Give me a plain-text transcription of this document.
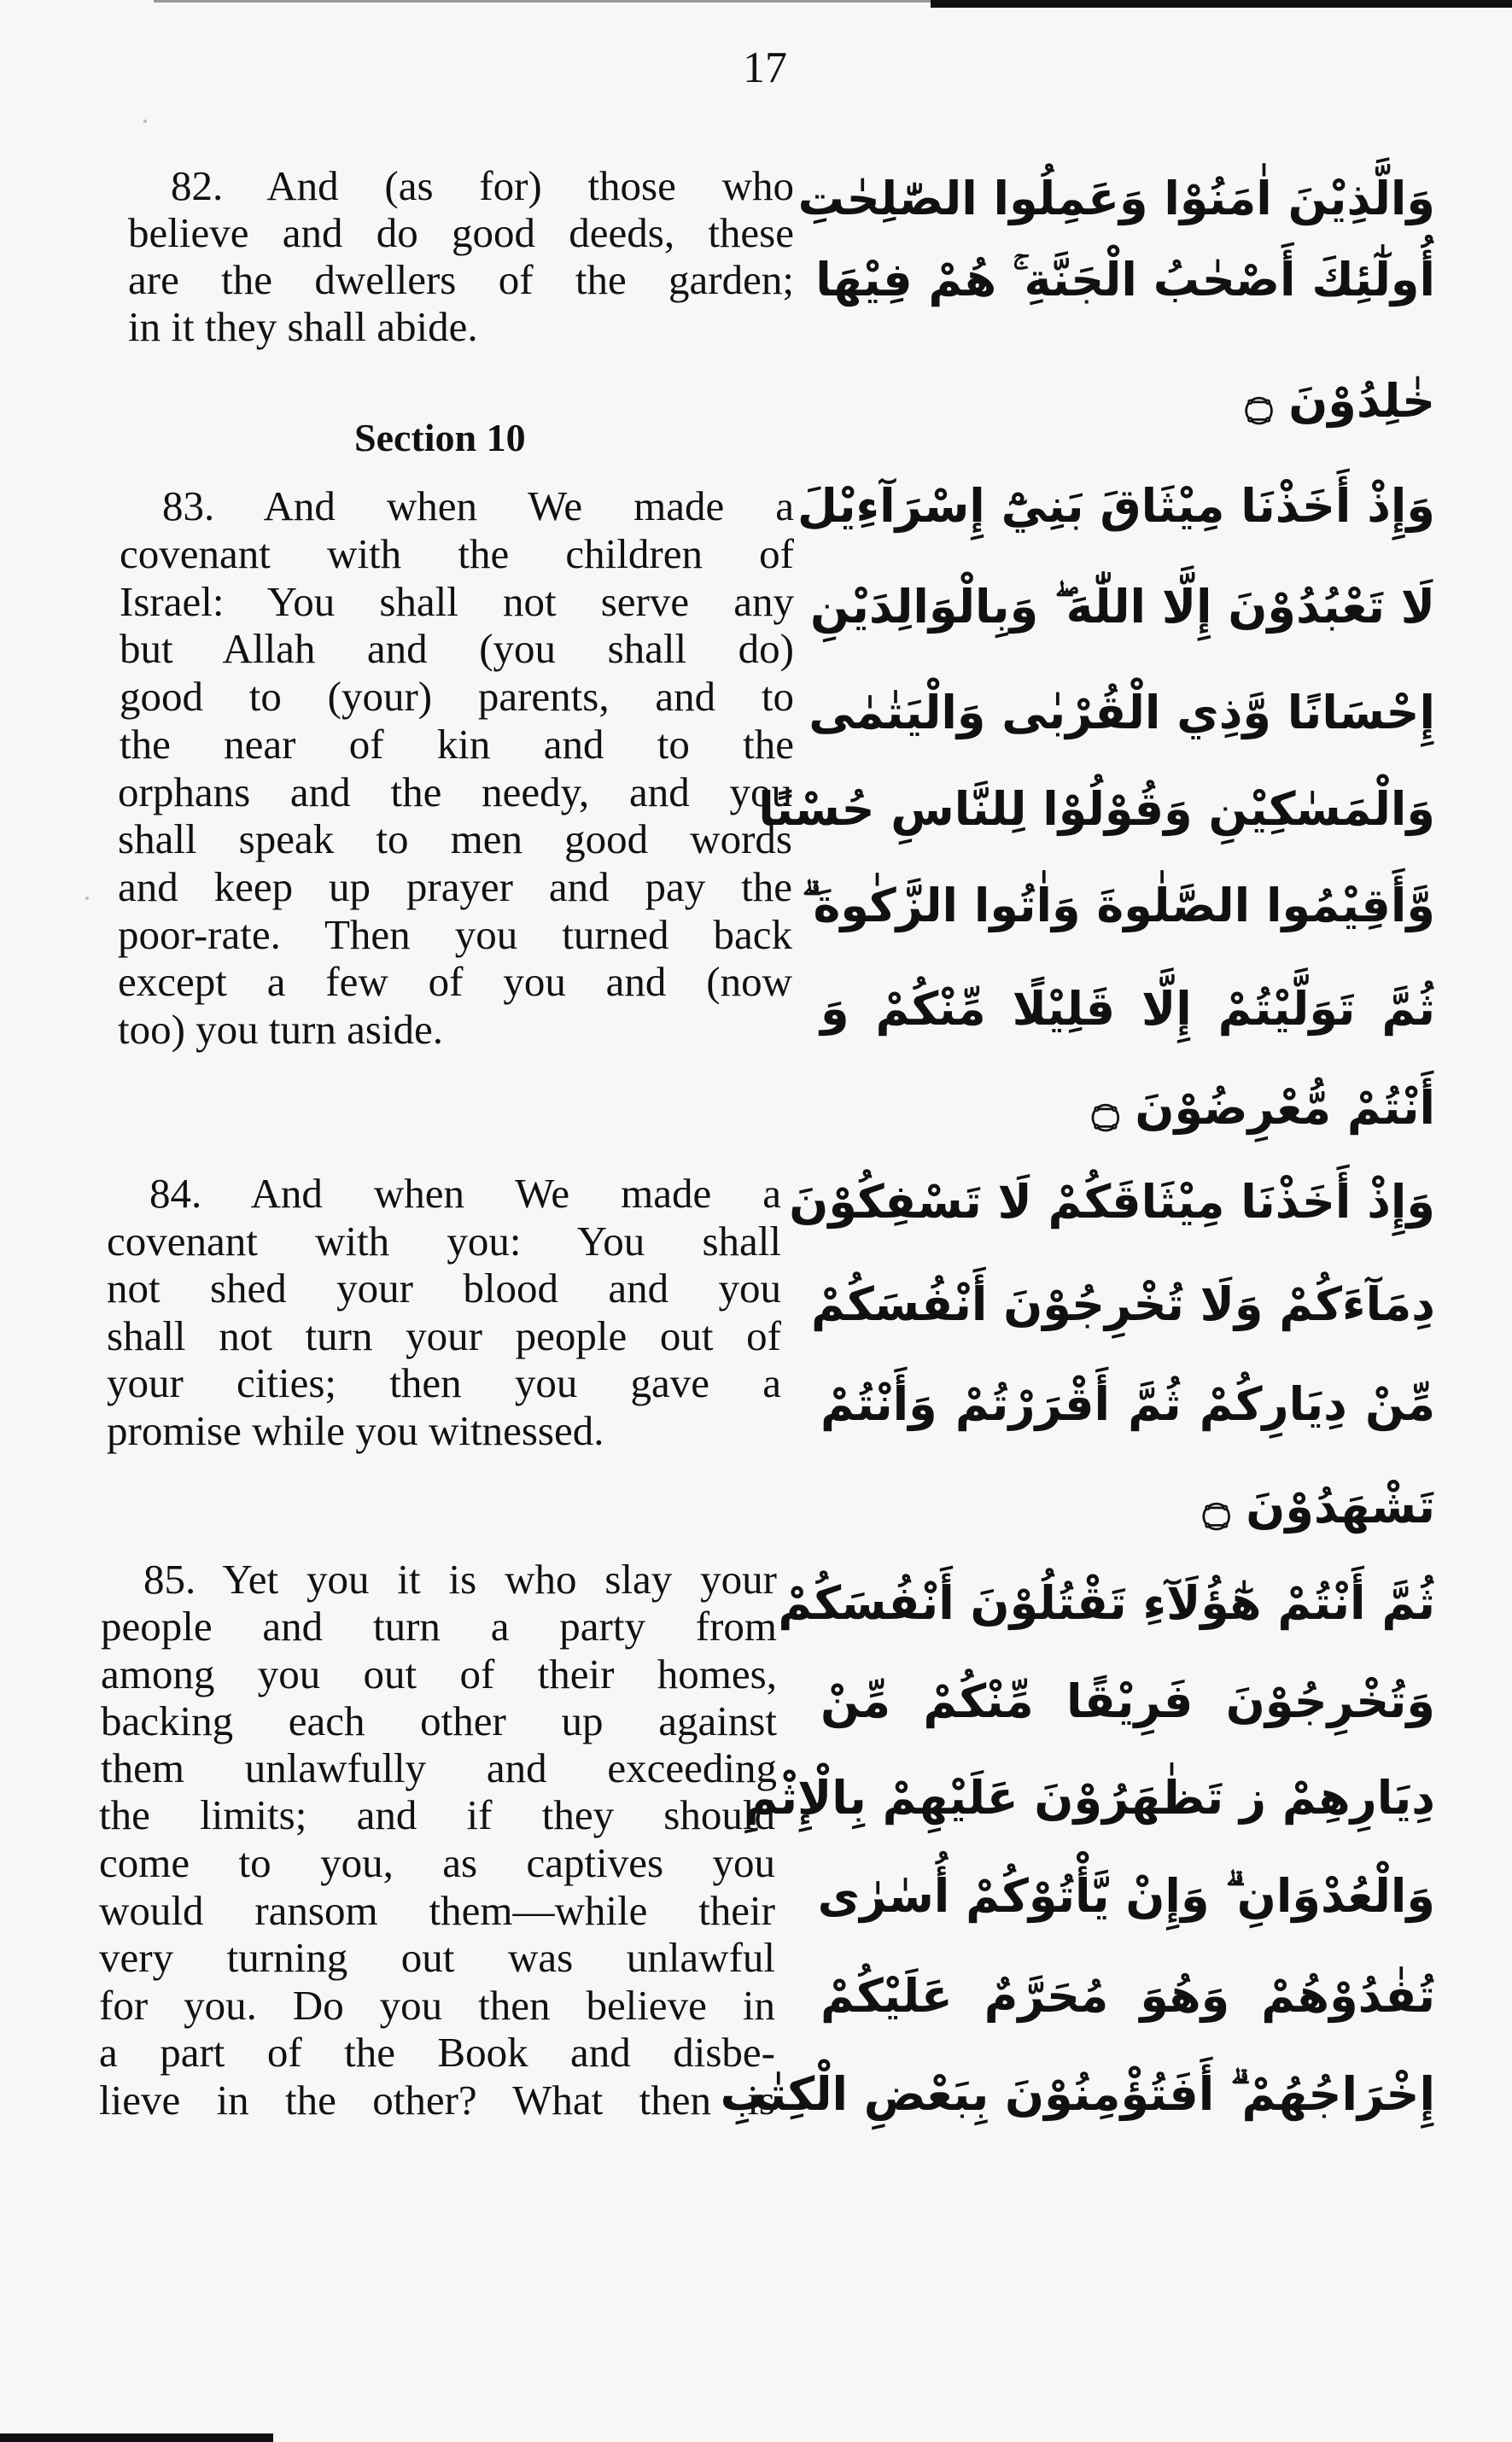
17
82. And (as for) those who
believe and do good deeds, these
are the dwellers of the garden;
in it they shall abide.
Section 10
83. And when We made a
covenant with the children of
Israel: You shall not serve any
but Allah and (you shall do)
good to (your) parents, and to
the near of kin and to the
orphans and the needy, and you
shall speak to men good words
and keep up prayer and pay the
poor-rate. Then you turned back
except a few of you and (now
too) you turn aside.
84. And when We made a
covenant with you: You shall
not shed your blood and you
shall not turn your people out of
your cities; then you gave a
promise while you witnessed.
85. Yet you it is who slay your
people and turn a party from
among you out of their homes,
backing each other up against
them unlawfully and exceeding
the limits; and if they should
come to you, as captives you
would ransom them—while their
very turning out was unlawful
for you. Do you then believe in
a part of the Book and disbe-
lieve in the other? What then is
وَالَّذِيْنَ اٰمَنُوْا وَعَمِلُوا الصّٰلِحٰتِ
أُولٰٓئِكَ أَصْحٰبُ الْجَنَّةِ ۚ هُمْ فِيْهَا
خٰلِدُوْنَ ۝
وَإِذْ أَخَذْنَا مِيْثَاقَ بَنِيْٓ إِسْرَآءِيْلَ
لَا تَعْبُدُوْنَ إِلَّا اللّٰهَ ۖ وَبِالْوَالِدَيْنِ
إِحْسَانًا وَّذِي الْقُرْبٰى وَالْيَتٰمٰى
وَالْمَسٰكِيْنِ وَقُوْلُوْا لِلنَّاسِ حُسْنًا
وَّأَقِيْمُوا الصَّلٰوةَ وَاٰتُوا الزَّكٰوةَ ۗ
ثُمَّ تَوَلَّيْتُمْ إِلَّا قَلِيْلًا مِّنْكُمْ وَ
أَنْتُمْ مُّعْرِضُوْنَ ۝
وَإِذْ أَخَذْنَا مِيْثَاقَكُمْ لَا تَسْفِكُوْنَ
دِمَآءَكُمْ وَلَا تُخْرِجُوْنَ أَنْفُسَكُمْ
مِّنْ دِيَارِكُمْ ثُمَّ أَقْرَرْتُمْ وَأَنْتُمْ
تَشْهَدُوْنَ ۝
ثُمَّ أَنْتُمْ هٰٓؤُلَآءِ تَقْتُلُوْنَ أَنْفُسَكُمْ
وَتُخْرِجُوْنَ فَرِيْقًا مِّنْكُمْ مِّنْ
دِيَارِهِمْ ز تَظٰهَرُوْنَ عَلَيْهِمْ بِالْإِثْمِ
وَالْعُدْوَانِ ۗ وَإِنْ يَّأْتُوْكُمْ أُسٰرٰى
تُفٰدُوْهُمْ وَهُوَ مُحَرَّمٌ عَلَيْكُمْ
إِخْرَاجُهُمْ ۗ أَفَتُؤْمِنُوْنَ بِبَعْضِ الْكِتٰبِ
